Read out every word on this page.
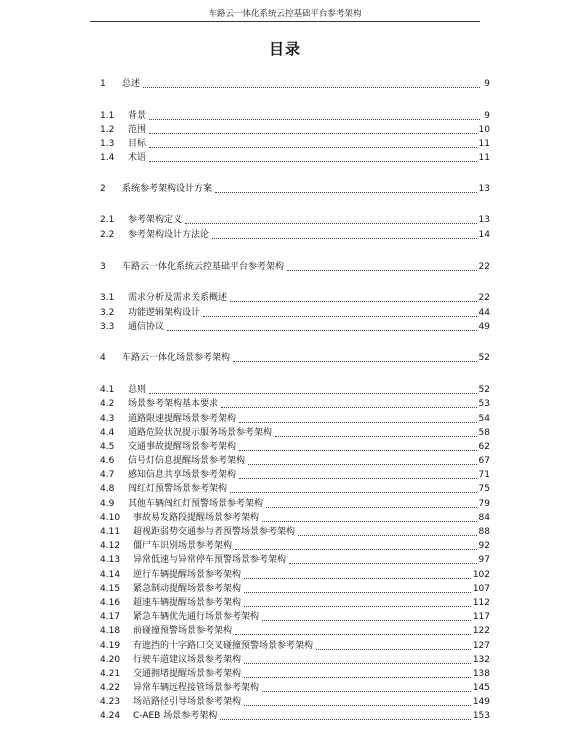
车路云一体化系统云控基础平台参考架构
目录
1	总述	9
1.1	背景	9
1.2	范围	10
1.3	目标	11
1.4	术语	11
2	系统参考架构设计方案	13
2.1	参考架构定义	13
2.2	参考架构设计方法论	14
3	车路云一体化系统云控基础平台参考架构	22
3.1	需求分析及需求关系概述	22
3.2	功能逻辑架构设计	44
3.3	通信协议	49
4	车路云一体化场景参考架构	52
4.1	总则	52
4.2	场景参考架构基本要求	53
4.3	道路限速提醒场景参考架构	54
4.4	道路危险状况提示服务场景参考架构	58
4.5	交通事故提醒场景参考架构	62
4.6	信号灯信息提醒场景参考架构	67
4.7	感知信息共享场景参考架构	71
4.8	闯红灯预警场景参考架构	75
4.9	其他车辆闯红灯预警场景参考架构	79
4.10	事故易发路段提醒场景参考架构	84
4.11	超视距弱势交通参与者预警场景参考架构	88
4.12	僵尸车识别场景参考架构	92
4.13	异常低速与异常停车预警场景参考架构	97
4.14	逆行车辆提醒场景参考架构	102
4.15	紧急制动提醒场景参考架构	107
4.16	超速车辆提醒场景参考架构	112
4.17	紧急车辆优先通行场景参考架构	117
4.18	前碰撞预警场景参考架构	122
4.19	有遮挡的十字路口交叉碰撞预警场景参考架构	127
4.20	行驶车道建议场景参考架构	132
4.21	交通拥堵提醒场景参考架构	138
4.22	异常车辆远程接管场景参考架构	145
4.23	场站路径引导场景参考架构	149
4.24	C-AEB 场景参考架构	153
